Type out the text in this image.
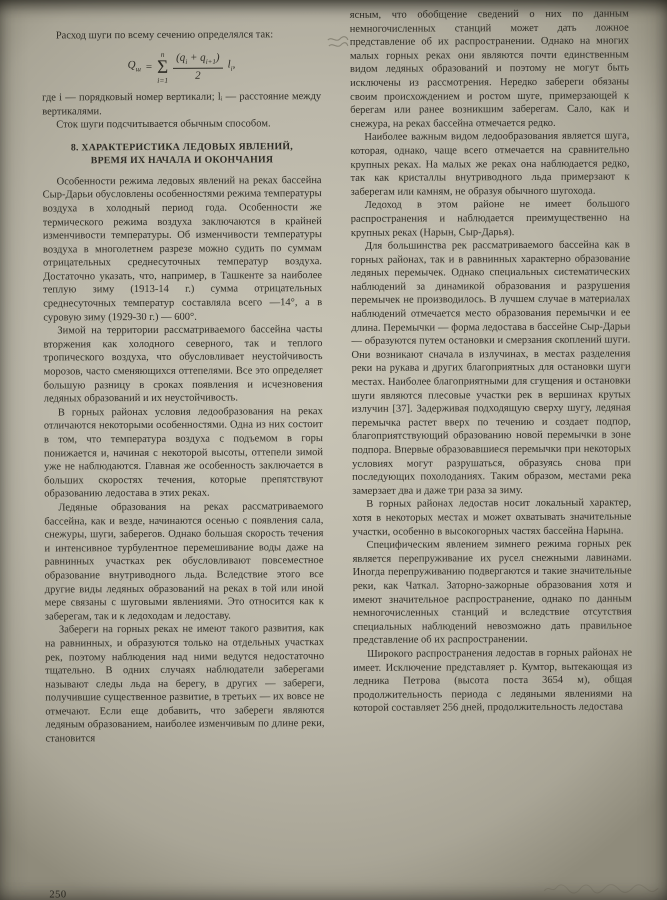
Расход шуги по всему сечению определялся так:

$Q_ш$ =
n
Σ
$i=1 \frac{(q_i + q_{i+1})}{2} l_i$,

где i — порядковый номер вертикали; lᵢ — расстояние между вертикалями.

Сток шуги подсчитывается обычным способом.

8. ХАРАКТЕРИСТИКА ЛЕДОВЫХ ЯВЛЕНИЙ, ВРЕМЯ ИХ НАЧАЛА И ОКОНЧАНИЯ

Особенности режима ледовых явлений на реках бассейна Сыр-Дарьи обусловлены особенностями режима температуры воздуха в холодный период года. Особенности же термического режима воздуха заключаются в крайней изменчивости температуры. Об изменчивости температуры воздуха в многолетнем разрезе можно судить по суммам отрицательных среднесуточных температур воздуха. Достаточно указать, что, например, в Ташкенте за наиболее теплую зиму (1913-14 г.) сумма отрицательных среднесуточных температур составляла всего —14°, а в суровую зиму (1929-30 г.) — 600°.

Зимой на территории рассматриваемого бассейна часты вторжения как холодного северного, так и теплого тропического воздуха, что обусловливает неустойчивость морозов, часто сменяющихся оттепелями. Все это определяет большую разницу в сроках появления и исчезновения ледяных образований и их неустойчивость.

В горных районах условия ледообразования на реках отличаются некоторыми особенностями. Одна из них состоит в том, что температура воздуха с подъемом в горы понижается и, начиная с некоторой высоты, оттепели зимой уже не наблюдаются. Главная же особенность заключается в больших скоростях течения, которые препятствуют образованию ледостава в этих реках.

Ледяные образования на реках рассматриваемого бассейна, как и везде, начинаются осенью с появления сала, снежуры, шуги, заберегов. Однако большая скорость течения и интенсивное турбулентное перемешивание воды даже на равнинных участках рек обусловливают повсеместное образование внутриводного льда. Вследствие этого все другие виды ледяных образований на реках в той или иной мере связаны с шуговыми явлениями. Это относится как к заберегам, так и к ледоходам и ледоставу.

Забереги на горных реках не имеют такого развития, как на равнинных, и образуются только на отдельных участках рек, поэтому наблюдения над ними ведутся недостаточно тщательно. В одних случаях наблюдатели заберегами называют следы льда на берегу, в других — забереги, получившие существенное развитие, в третьих — их вовсе не отмечают. Если еще добавить, что забереги являются ледяным образованием, наиболее изменчивым по длине реки, становится

ясным, что обобщение сведений о них по данным немногочисленных станций может дать ложное представление об их распространении. Однако на многих малых горных реках они являются почти единственным видом ледяных образований и поэтому не могут быть исключены из рассмотрения. Нередко забереги обязаны своим происхождением и ростом шуге, примерзающей к берегам или ранее возникшим заберегам. Сало, как и снежура, на реках бассейна отмечается редко.

Наиболее важным видом ледообразования является шуга, которая, однако, чаще всего отмечается на сравнительно крупных реках. На малых же реках она наблюдается редко, так как кристаллы внутриводного льда примерзают к заберегам или камням, не образуя обычного шугохода.

Ледоход в этом районе не имеет большого распространения и наблюдается преимущественно на крупных реках (Нарын, Сыр-Дарья).

Для большинства рек рассматриваемого бассейна как в горных районах, так и в равнинных характерно образование ледяных перемычек. Однако специальных систематических наблюдений за динамикой образования и разрушения перемычек не производилось. В лучшем случае в материалах наблюдений отмечается место образования перемычки и ее длина. Перемычки — форма ледостава в бассейне Сыр-Дарьи — образуются путем остановки и смерзания скоплений шуги. Они возникают сначала в излучинах, в местах разделения реки на рукава и других благоприятных для остановки шуги местах. Наиболее благоприятными для сгущения и остановки шуги являются плесовые участки рек в вершинах крутых излучин [37]. Задерживая подходящую сверху шугу, ледяная перемычка растет вверх по течению и создает подпор, благоприятствующий образованию новой перемычки в зоне подпора. Впервые образовавшиеся перемычки при некоторых условиях могут разрушаться, образуясь снова при последующих похолоданиях. Таким образом, местами река замерзает два и даже три раза за зиму.

В горных районах ледостав носит локальный характер, хотя в некоторых местах и может охватывать значительные участки, особенно в высокогорных частях бассейна Нарына.

Специфическим явлением зимнего режима горных рек является перепруживание их русел снежными лавинами. Иногда перепруживанию подвергаются и такие значительные реки, как Чаткал. Заторно-зажорные образования хотя и имеют значительное распространение, однако по данным немногочисленных станций и вследствие отсутствия специальных наблюдений невозможно дать правильное представление об их распространении.

Широкого распространения ледостав в горных районах не имеет. Исключение представляет р. Кумтор, вытекающая из ледника Петрова (высота поста 3654 м), общая продолжительность периода с ледяными явлениями на которой составляет 256 дней, продолжительность ледостава

250
